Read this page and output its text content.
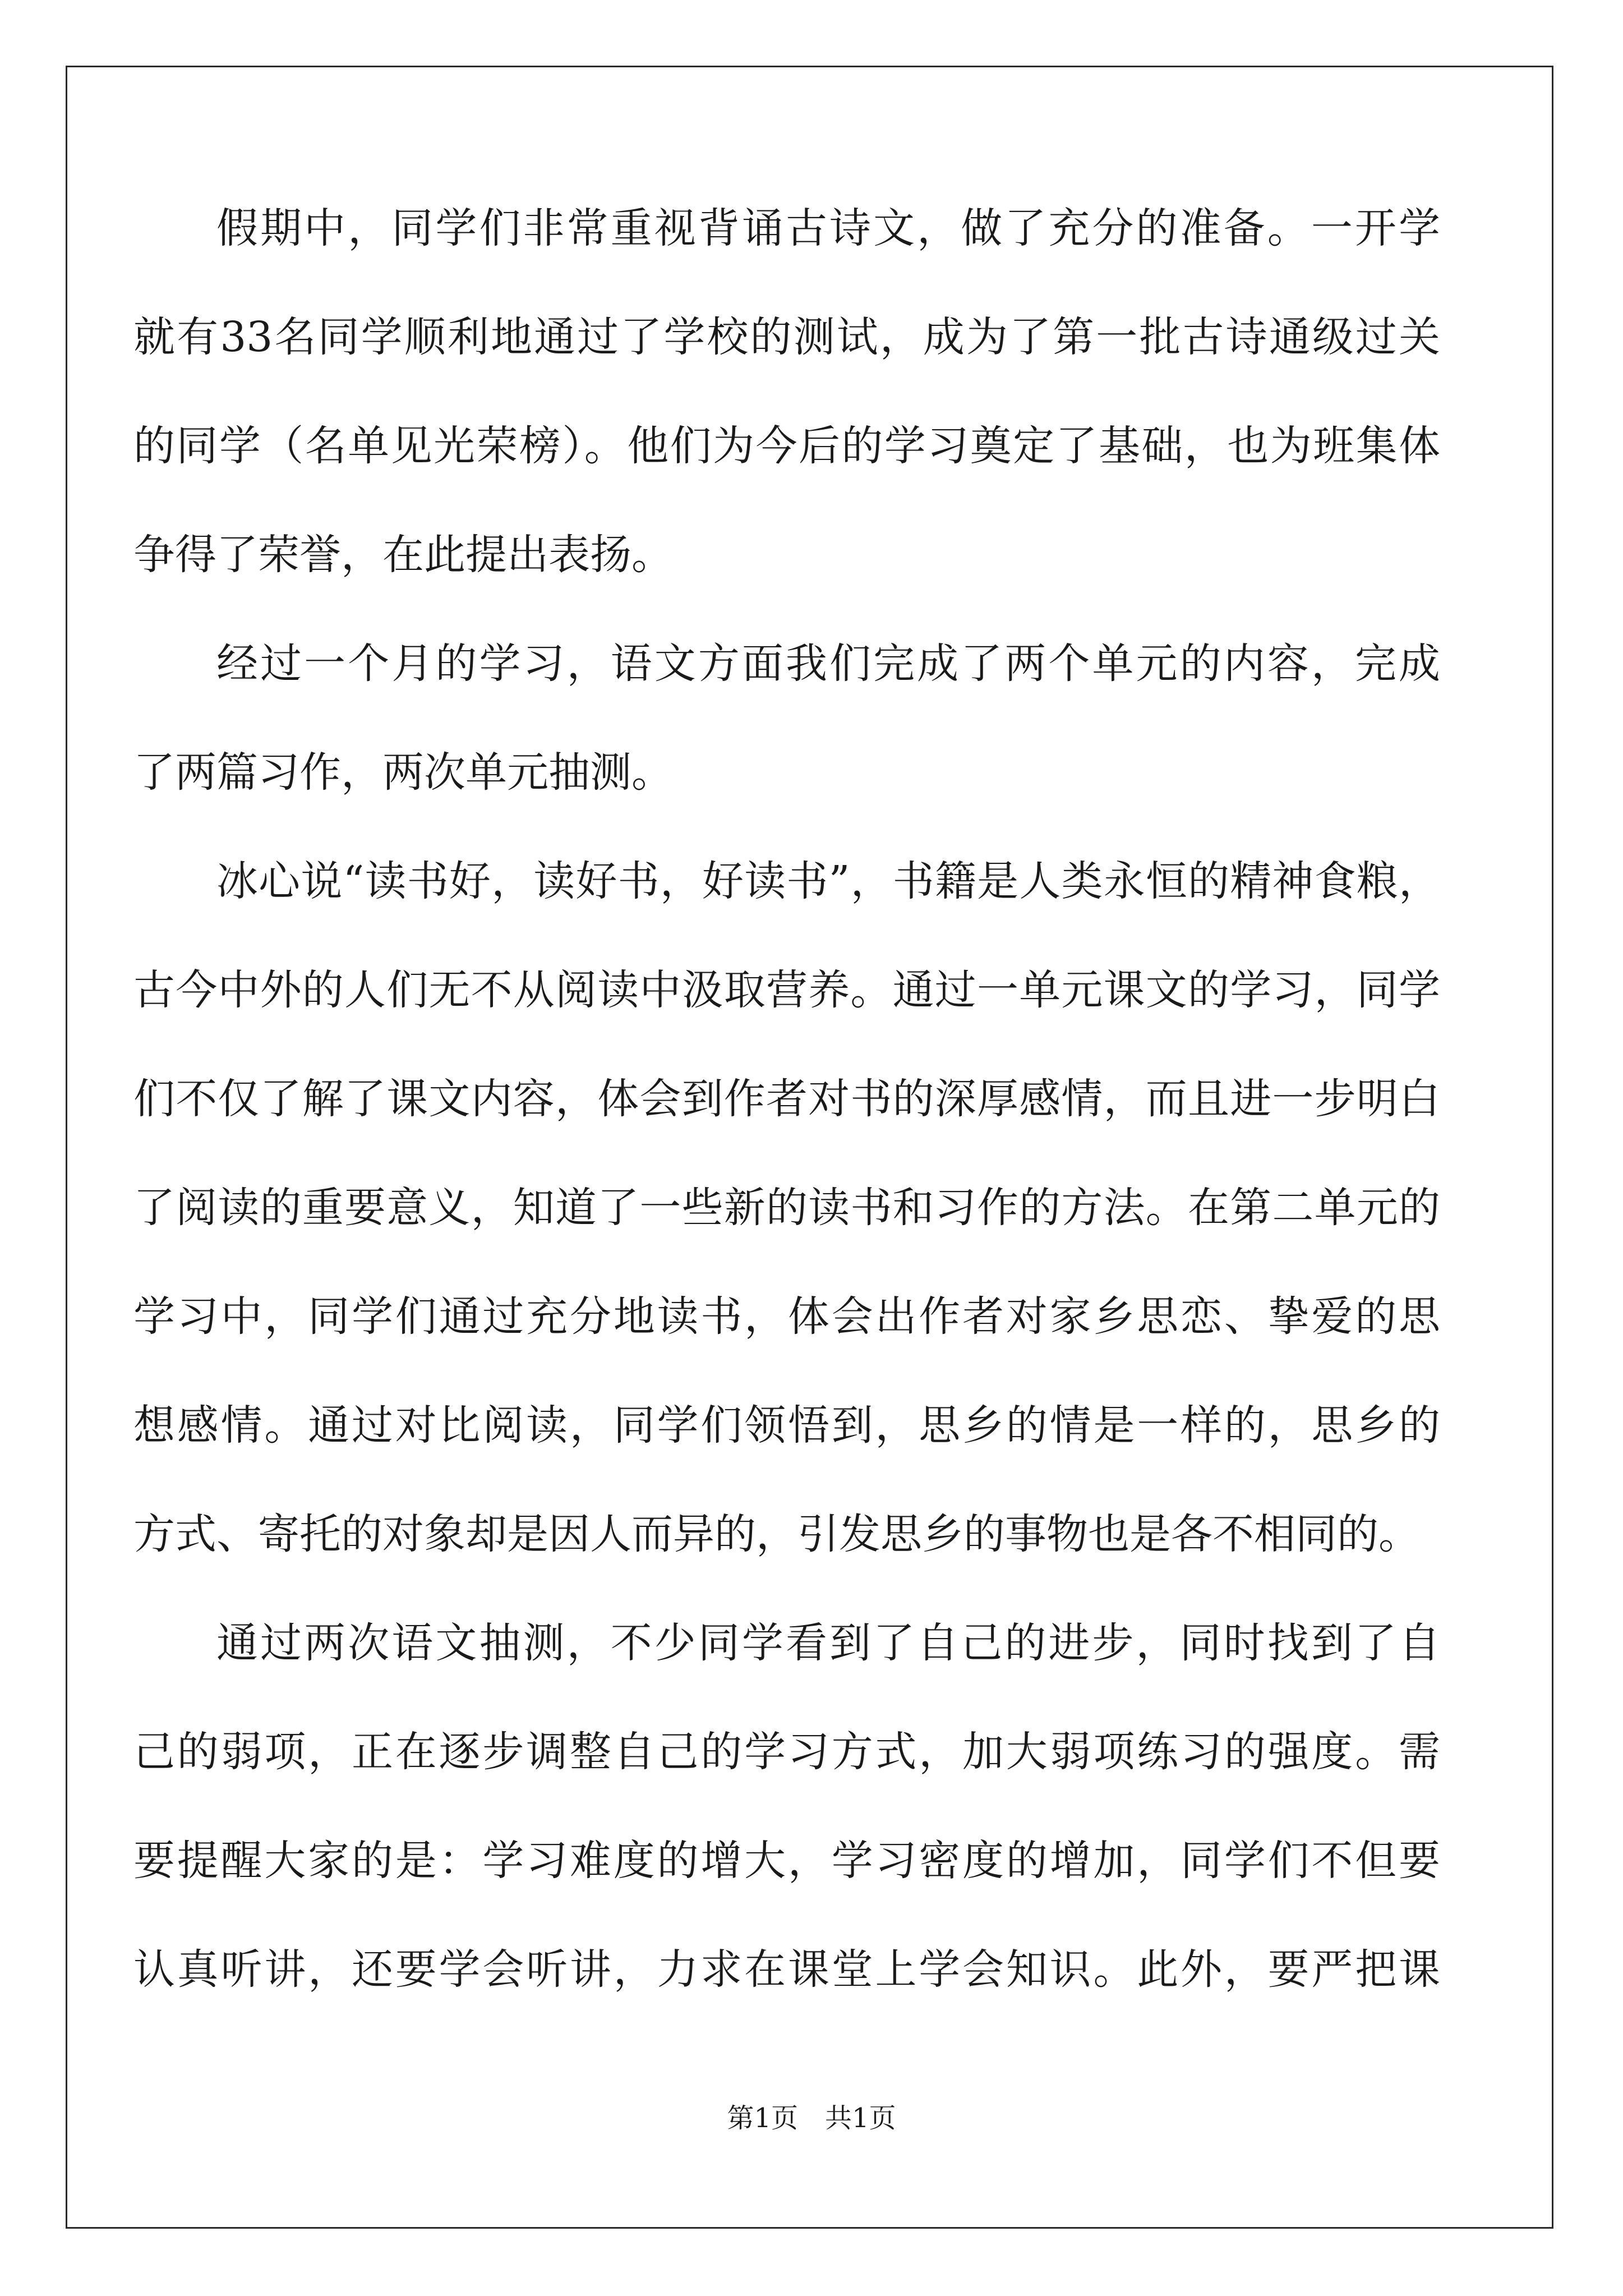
假期中，同学们非常重视背诵古诗文，做了充分的准备。一开学
就有33名同学顺利地通过了学校的测试，成为了第一批古诗通级过关
的同学（名单见光荣榜）。他们为今后的学习奠定了基础，也为班集体
争得了荣誉，在此提出表扬。
经过一个月的学习，语文方面我们完成了两个单元的内容，完成
了两篇习作，两次单元抽测。
冰心说“读书好，读好书，好读书”，书籍是人类永恒的精神食粮，
古今中外的人们无不从阅读中汲取营养。通过一单元课文的学习，同学
们不仅了解了课文内容，体会到作者对书的深厚感情，而且进一步明白
了阅读的重要意义，知道了一些新的读书和习作的方法。在第二单元的
学习中，同学们通过充分地读书，体会出作者对家乡思恋、挚爱的思
想感情。通过对比阅读，同学们领悟到，思乡的情是一样的，思乡的
方式、寄托的对象却是因人而异的，引发思乡的事物也是各不相同的。
通过两次语文抽测，不少同学看到了自己的进步，同时找到了自
己的弱项，正在逐步调整自己的学习方式，加大弱项练习的强度。需
要提醒大家的是：学习难度的增大，学习密度的增加，同学们不但要
认真听讲，还要学会听讲，力求在课堂上学会知识。此外，要严把课
第1页 共1页
